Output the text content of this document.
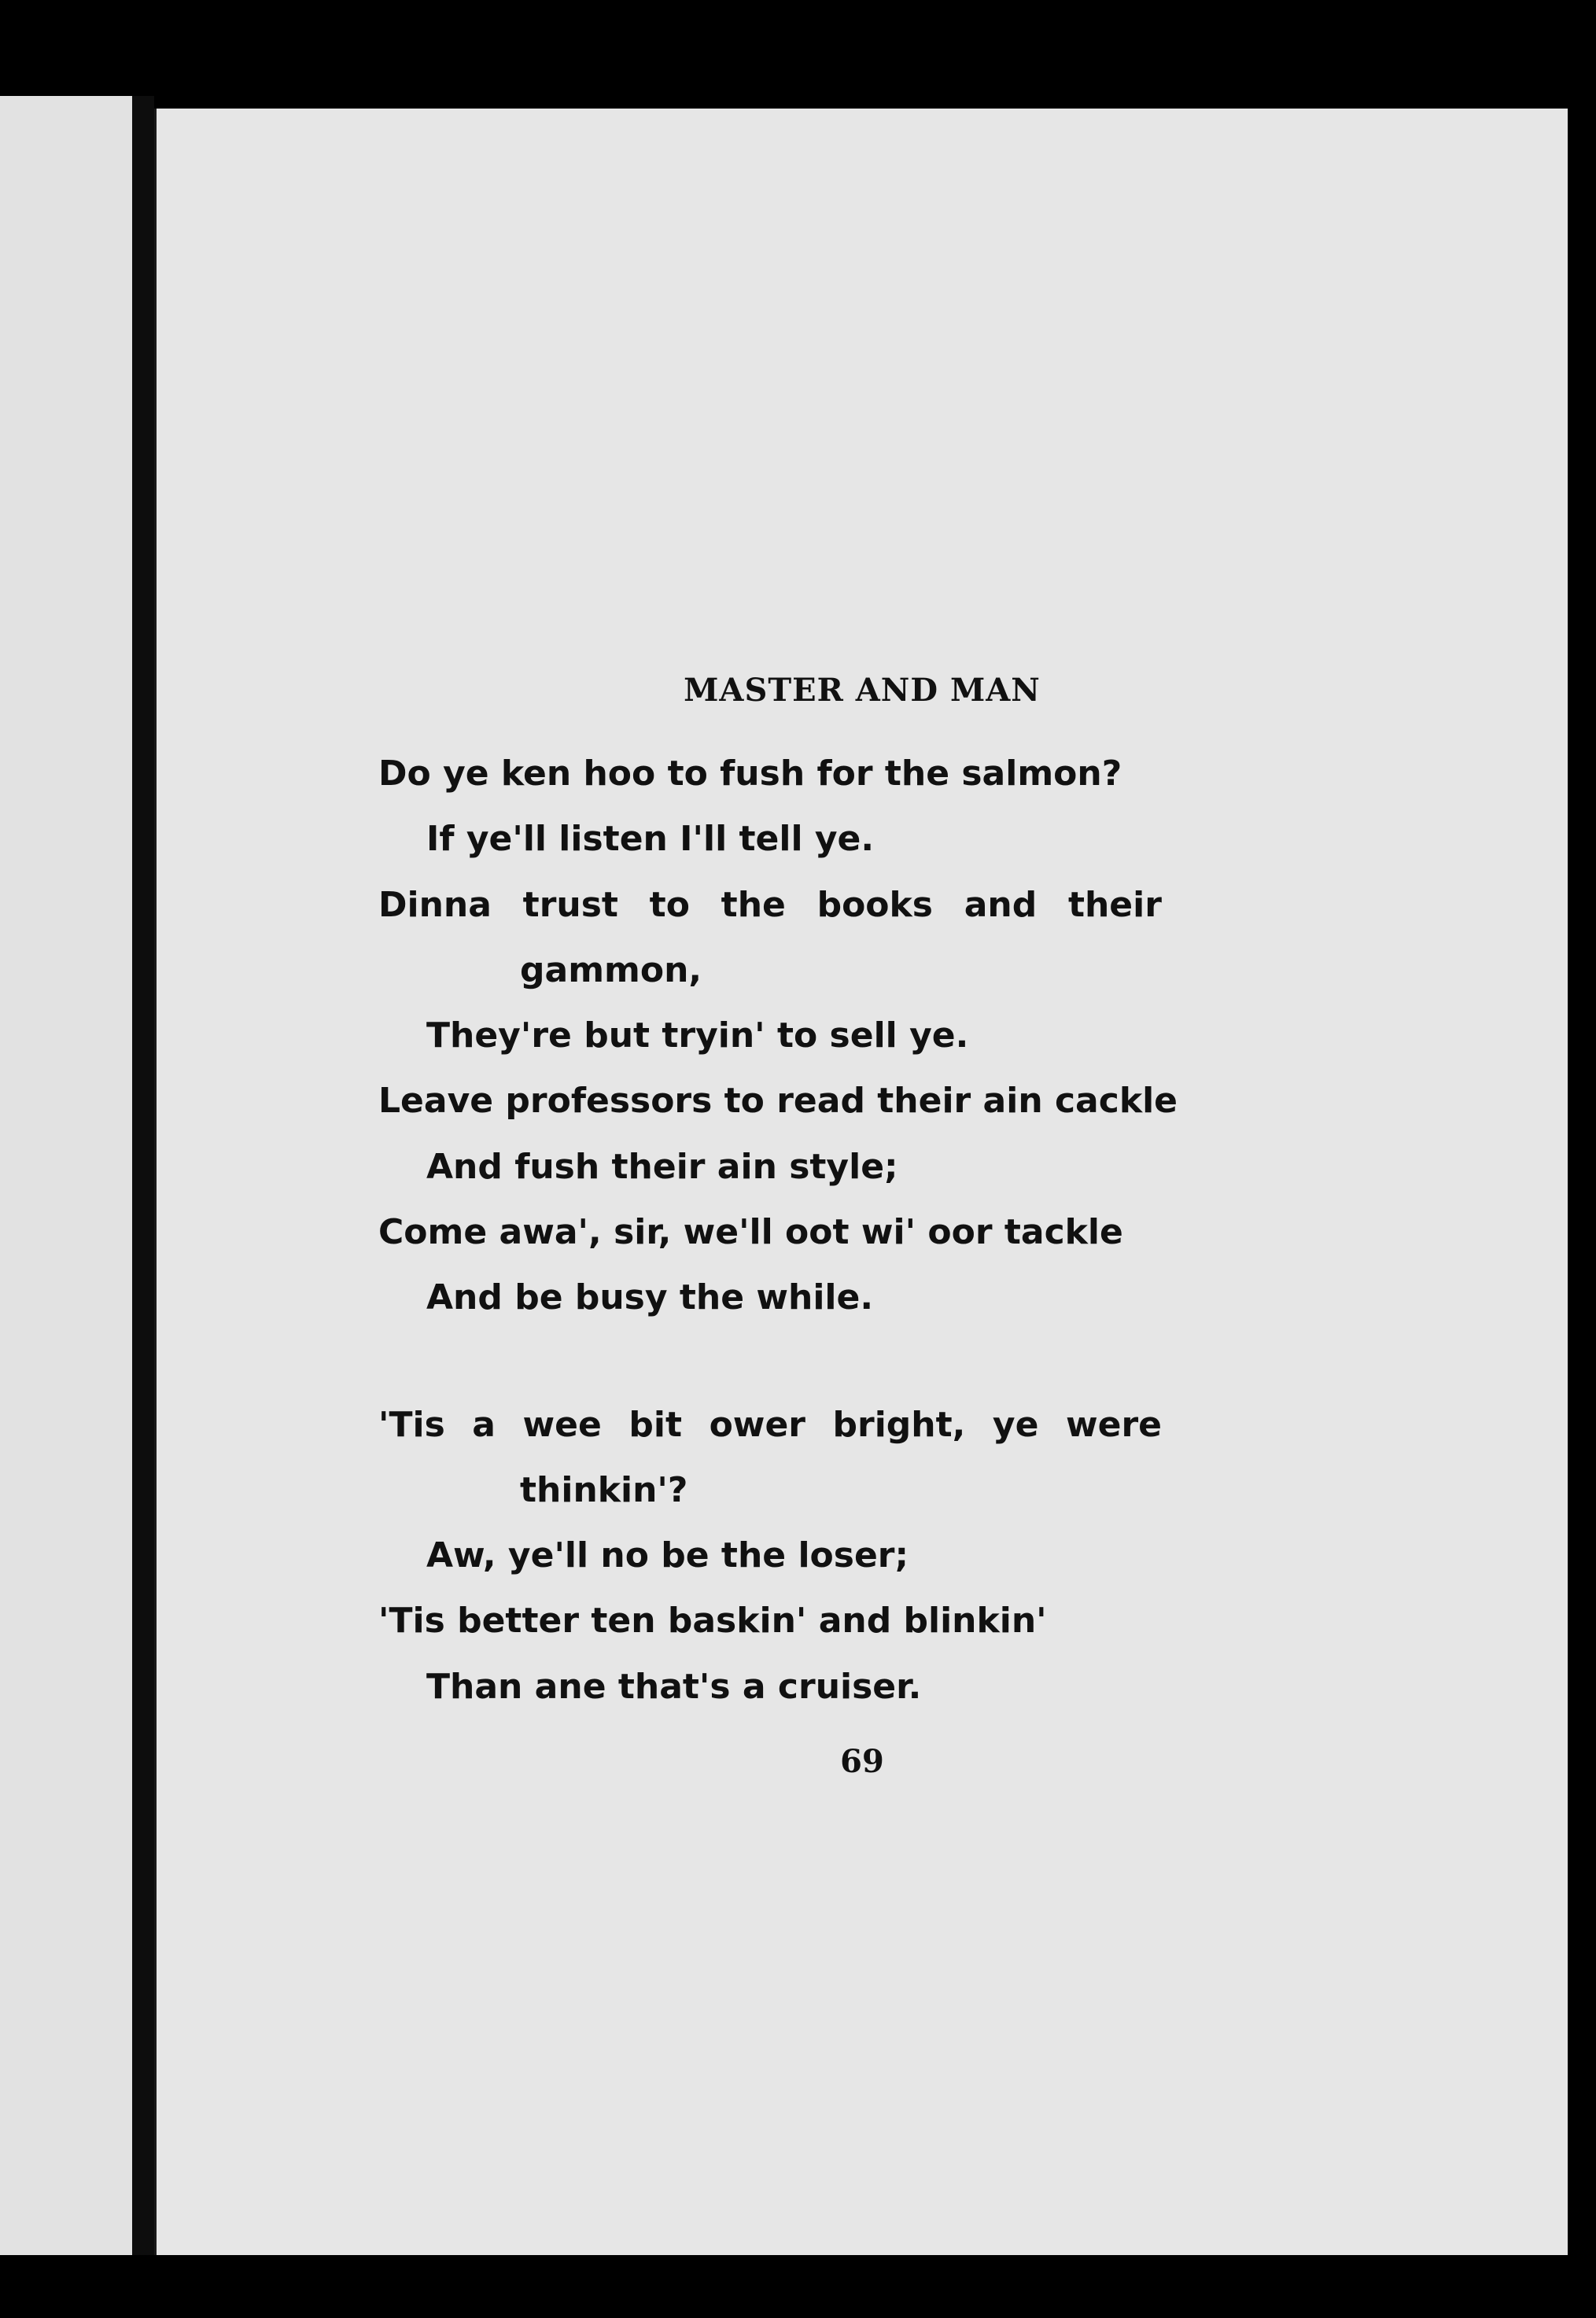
MASTER AND MAN
Do ye ken hoo to fush for the salmon?
If ye'll listen I'll tell ye.
Dinna trust to the books and their
gammon,
They're but tryin' to sell ye.
Leave professors to read their ain cackle
And fush their ain style;
Come awa', sir, we'll oot wi' oor tackle
And be busy the while.
'Tis a wee bit ower bright, ye were
thinkin'?
Aw, ye'll no be the loser;
'Tis better ten baskin' and blinkin'
Than ane that's a cruiser.
69
